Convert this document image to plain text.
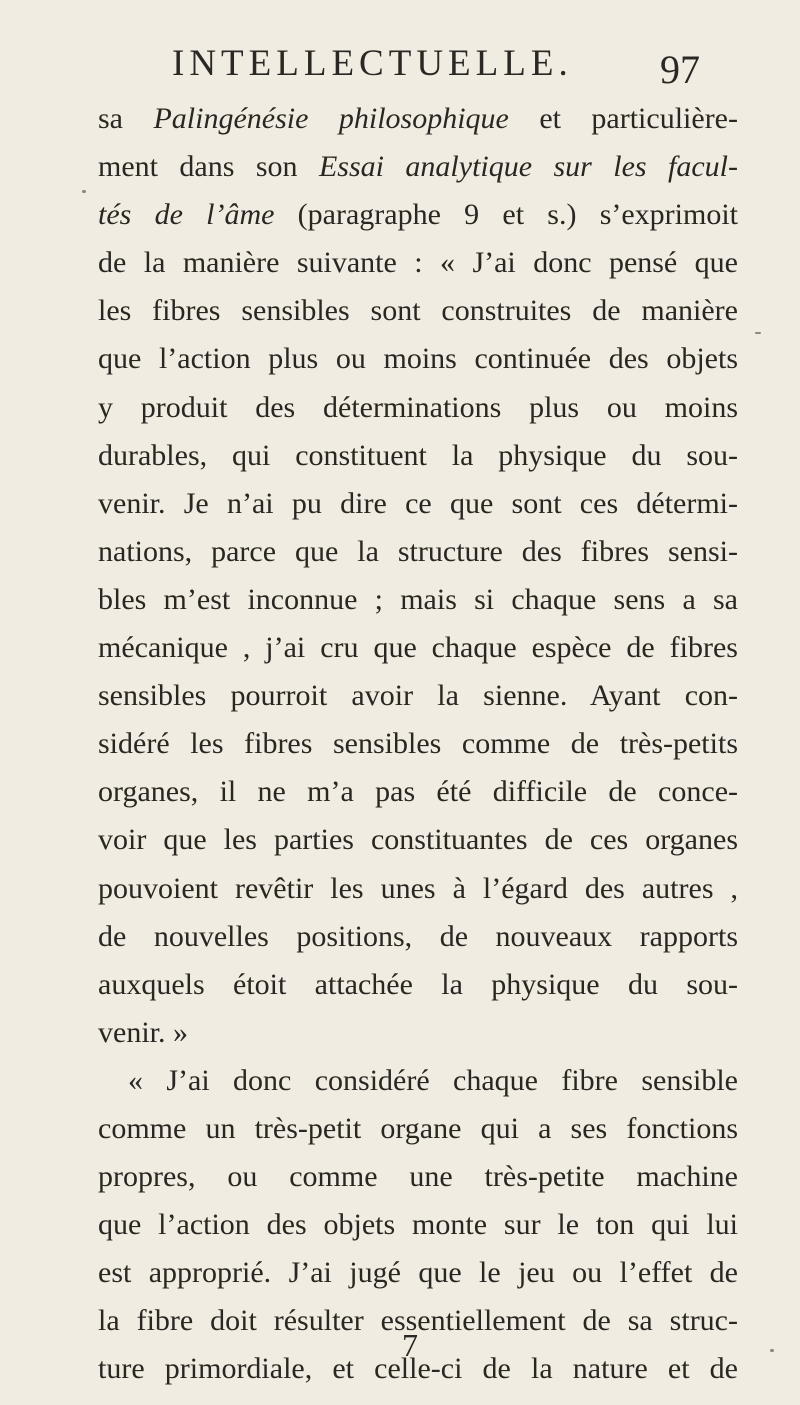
INTELLECTUELLE. 97
sa Palingénésie philosophique et particulière-
ment dans son Essai analytique sur les facul-
tés de l’âme (paragraphe 9 et s.) s’exprimoit
de la manière suivante : « J’ai donc pensé que
les fibres sensibles sont construites de manière
que l’action plus ou moins continuée des objets
y produit des déterminations plus ou moins
durables, qui constituent la physique du sou-
venir. Je n’ai pu dire ce que sont ces détermi-
nations, parce que la structure des fibres sensi-
bles m’est inconnue ; mais si chaque sens a sa
mécanique , j’ai cru que chaque espèce de fibres
sensibles pourroit avoir la sienne. Ayant con-
sidéré les fibres sensibles comme de très-petits
organes, il ne m’a pas été difficile de conce-
voir que les parties constituantes de ces organes
pouvoient revêtir les unes à l’égard des autres ,
de nouvelles positions, de nouveaux rapports
auxquels étoit attachée la physique du sou-
venir. »
« J’ai donc considéré chaque fibre sensible
comme un très-petit organe qui a ses fonctions
propres, ou comme une très-petite machine
que l’action des objets monte sur le ton qui lui
est approprié. J’ai jugé que le jeu ou l’effet de
la fibre doit résulter essentiellement de sa struc-
ture primordiale, et celle-ci de la nature et de
7
